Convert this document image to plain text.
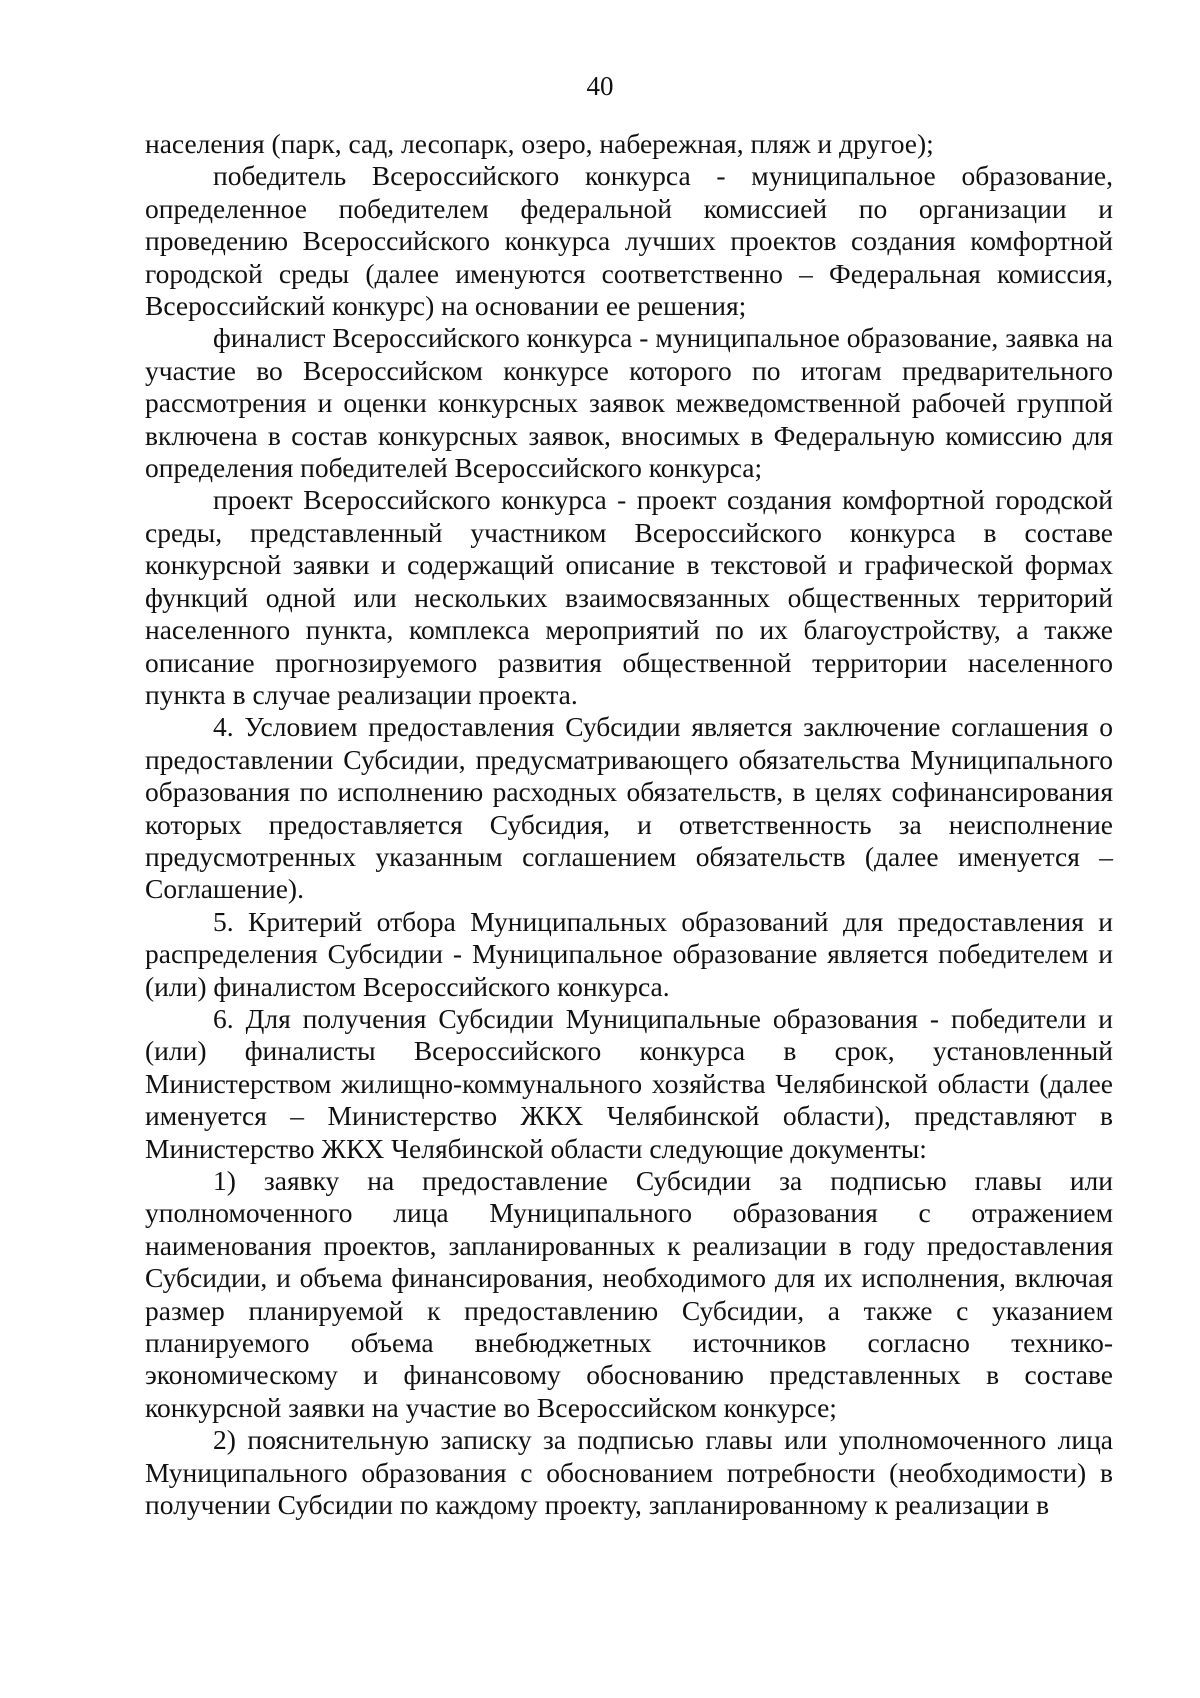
40

населения (парк, сад, лесопарк, озеро, набережная, пляж и другое);

победитель Всероссийского конкурса - муниципальное образование, определенное победителем федеральной комиссией по организации и проведению Всероссийского конкурса лучших проектов создания комфортной городской среды (далее именуются соответственно – Федеральная комиссия, Всероссийский конкурс) на основании ее решения;

финалист Всероссийского конкурса - муниципальное образование, заявка на участие во Всероссийском конкурсе которого по итогам предварительного рассмотрения и оценки конкурсных заявок межведомственной рабочей группой включена в состав конкурсных заявок, вносимых в Федеральную комиссию для определения победителей Всероссийского конкурса;

проект Всероссийского конкурса - проект создания комфортной городской среды, представленный участником Всероссийского конкурса в составе конкурсной заявки и содержащий описание в текстовой и графической формах функций одной или нескольких взаимосвязанных общественных территорий населенного пункта, комплекса мероприятий по их благоустройству, а также описание прогнозируемого развития общественной территории населенного пункта в случае реализации проекта.

4. Условием предоставления Субсидии является заключение соглашения о предоставлении Субсидии, предусматривающего обязательства Муниципального образования по исполнению расходных обязательств, в целях софинансирования которых предоставляется Субсидия, и ответственность за неисполнение предусмотренных указанным соглашением обязательств (далее именуется – Соглашение).

5. Критерий отбора Муниципальных образований для предоставления и распределения Субсидии - Муниципальное образование является победителем и (или) финалистом Всероссийского конкурса.

6. Для получения Субсидии Муниципальные образования - победители и (или) финалисты Всероссийского конкурса в срок, установленный Министерством жилищно-коммунального хозяйства Челябинской области (далее именуется – Министерство ЖКХ Челябинской области), представляют в Министерство ЖКХ Челябинской области следующие документы:

1) заявку на предоставление Субсидии за подписью главы или уполномоченного лица Муниципального образования с отражением наименования проектов, запланированных к реализации в году предоставления Субсидии, и объема финансирования, необходимого для их исполнения, включая размер планируемой к предоставлению Субсидии, а также с указанием планируемого объема внебюджетных источников согласно технико-экономическому и финансовому обоснованию представленных в составе конкурсной заявки на участие во Всероссийском конкурсе;

2) пояснительную записку за подписью главы или уполномоченного лица Муниципального образования с обоснованием потребности (необходимости) в получении Субсидии по каждому проекту, запланированному к реализации в
